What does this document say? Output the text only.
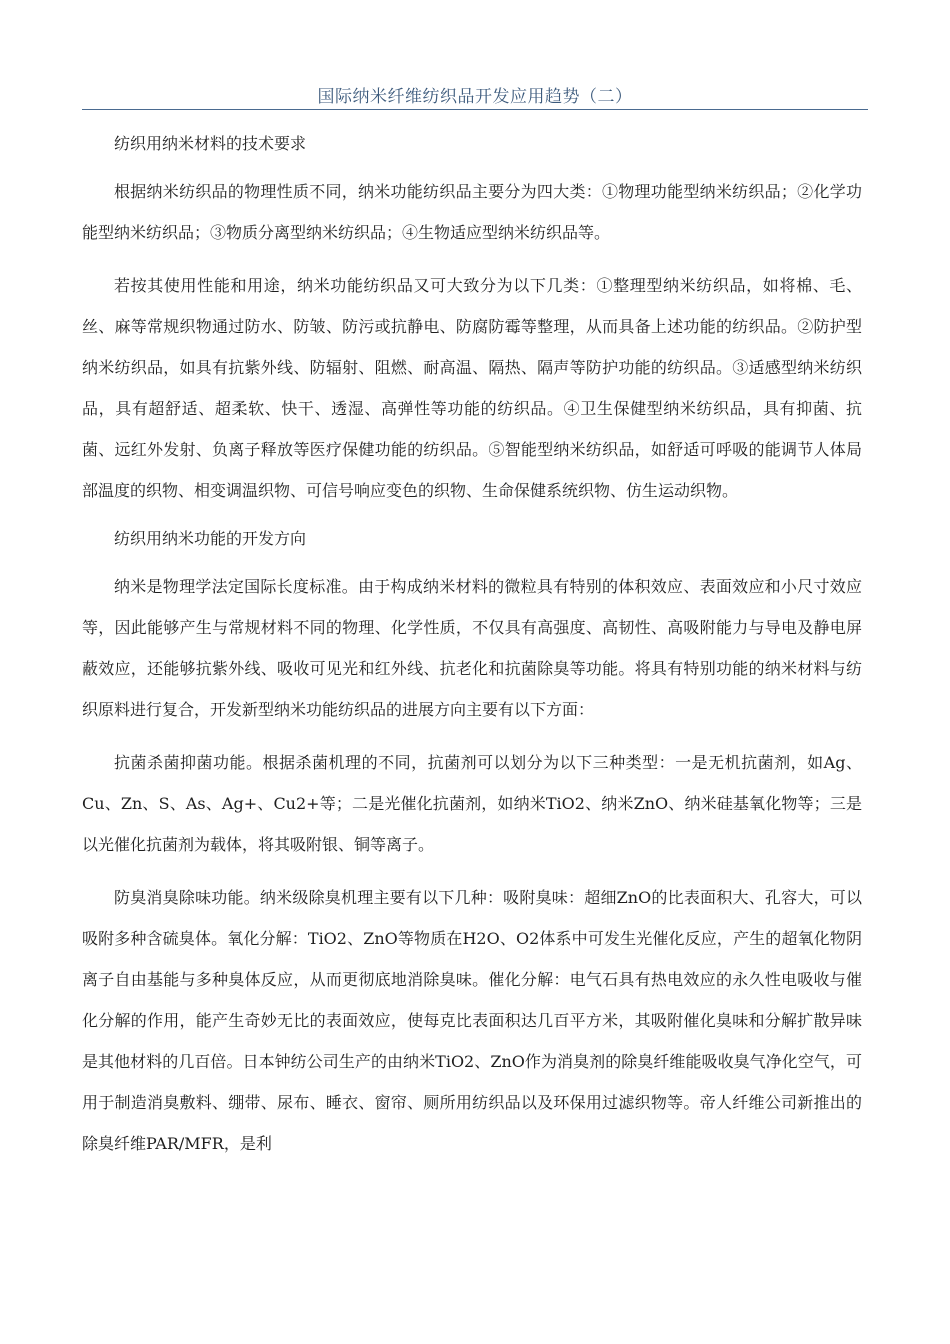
国际纳米纤维纺织品开发应用趋势（二）

纺织用纳米材料的技术要求

根据纳米纺织品的物理性质不同，纳米功能纺织品主要分为四大类：①物理功能型纳米纺织品；②化学功能型纳米纺织品；③物质分离型纳米纺织品；④生物适应型纳米纺织品等。

若按其使用性能和用途，纳米功能纺织品又可大致分为以下几类：①整理型纳米纺织品，如将棉、毛、丝、麻等常规织物通过防水、防皱、防污或抗静电、防腐防霉等整理，从而具备上述功能的纺织品。②防护型纳米纺织品，如具有抗紫外线、防辐射、阻燃、耐高温、隔热、隔声等防护功能的纺织品。③适感型纳米纺织品，具有超舒适、超柔软、快干、透湿、高弹性等功能的纺织品。④卫生保健型纳米纺织品，具有抑菌、抗菌、远红外发射、负离子释放等医疗保健功能的纺织品。⑤智能型纳米纺织品，如舒适可呼吸的能调节人体局部温度的织物、相变调温织物、可信号响应变色的织物、生命保健系统织物、仿生运动织物。

纺织用纳米功能的开发方向

纳米是物理学法定国际长度标准。由于构成纳米材料的微粒具有特别的体积效应、表面效应和小尺寸效应等，因此能够产生与常规材料不同的物理、化学性质，不仅具有高强度、高韧性、高吸附能力与导电及静电屏蔽效应，还能够抗紫外线、吸收可见光和红外线、抗老化和抗菌除臭等功能。将具有特别功能的纳米材料与纺织原料进行复合，开发新型纳米功能纺织品的进展方向主要有以下方面：

抗菌杀菌抑菌功能。根据杀菌机理的不同，抗菌剂可以划分为以下三种类型：一是无机抗菌剂，如Ag、Cu、Zn、S、As、Ag+、Cu2+等；二是光催化抗菌剂，如纳米TiO2、纳米ZnO、纳米硅基氧化物等；三是以光催化抗菌剂为载体，将其吸附银、铜等离子。

防臭消臭除味功能。纳米级除臭机理主要有以下几种：吸附臭味：超细ZnO的比表面积大、孔容大，可以吸附多种含硫臭体。氧化分解：TiO2、ZnO等物质在H2O、O2体系中可发生光催化反应，产生的超氧化物阴离子自由基能与多种臭体反应，从而更彻底地消除臭味。催化分解：电气石具有热电效应的永久性电吸收与催化分解的作用，能产生奇妙无比的表面效应，使每克比表面积达几百平方米，其吸附催化臭味和分解扩散异味是其他材料的几百倍。日本钟纺公司生产的由纳米TiO2、ZnO作为消臭剂的除臭纤维能吸收臭气净化空气，可用于制造消臭敷料、绷带、尿布、睡衣、窗帘、厕所用纺织品以及环保用过滤织物等。帝人纤维公司新推出的除臭纤维PAR/MFR，是利
